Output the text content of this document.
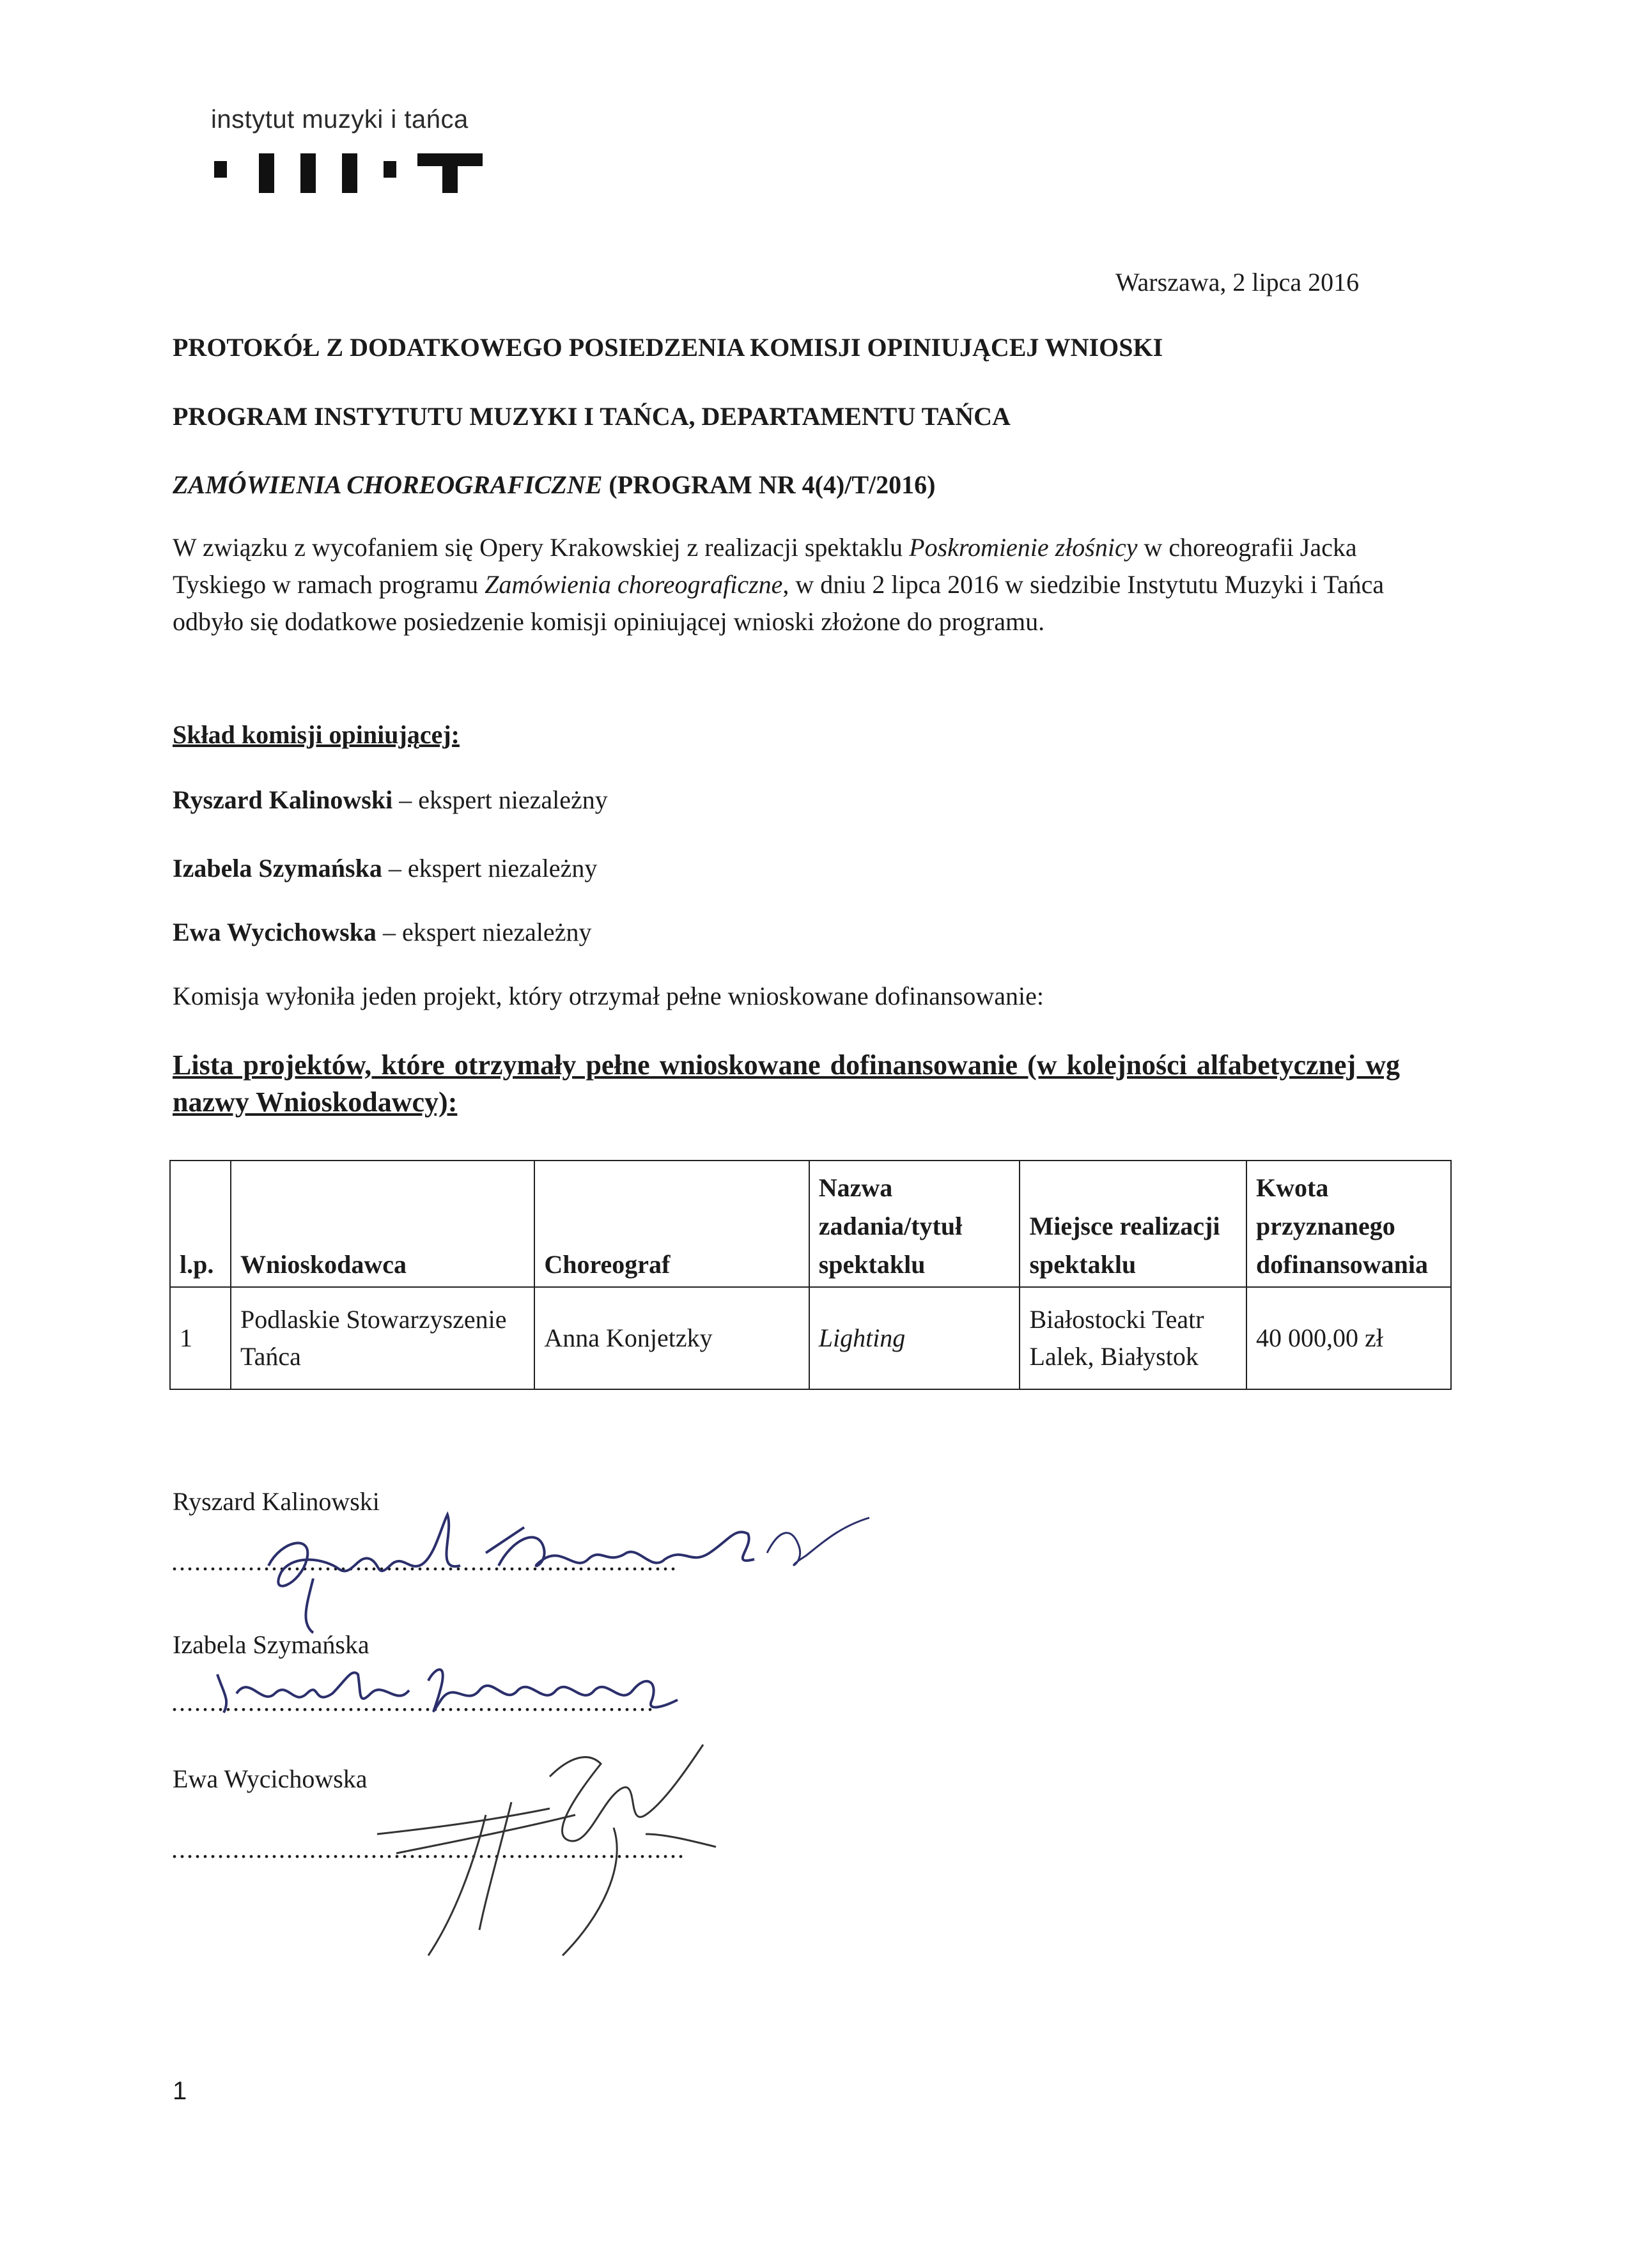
instytut muzyki i tańca
Warszawa, 2 lipca 2016
PROTOKÓŁ Z DODATKOWEGO POSIEDZENIA KOMISJI OPINIUJĄCEJ WNIOSKI
PROGRAM INSTYTUTU MUZYKI I TAŃCA, DEPARTAMENTU TAŃCA
ZAMÓWIENIA CHOREOGRAFICZNE (PROGRAM NR 4(4)/T/2016)
W związku z wycofaniem się Opery Krakowskiej z realizacji spektaklu Poskromienie złośnicy w choreografii Jacka Tyskiego w ramach programu Zamówienia choreograficzne, w dniu 2 lipca 2016 w siedzibie Instytutu Muzyki i Tańca odbyło się dodatkowe posiedzenie komisji opiniującej wnioski złożone do programu.
Skład komisji opiniującej:
Ryszard Kalinowski – ekspert niezależny
Izabela Szymańska – ekspert niezależny
Ewa Wycichowska – ekspert niezależny
Komisja wyłoniła jeden projekt, który otrzymał pełne wnioskowane dofinansowanie:
Lista projektów, które otrzymały pełne wnioskowane dofinansowanie (w kolejności alfabetycznej wg nazwy Wnioskodawcy):
l.p.	Wnioskodawca	Choreograf	Nazwa zadania/tytuł spektaklu	Miejsce realizacji spektaklu	Kwota przyznanego dofinansowania
1	Podlaskie Stowarzyszenie Tańca	Anna Konjetzky	Lighting	Białostocki Teatr Lalek, Białystok	40 000,00 zł
Ryszard Kalinowski
..................................................................
Izabela Szymańska
...............................................................
Ewa Wycichowska
...................................................................
1
